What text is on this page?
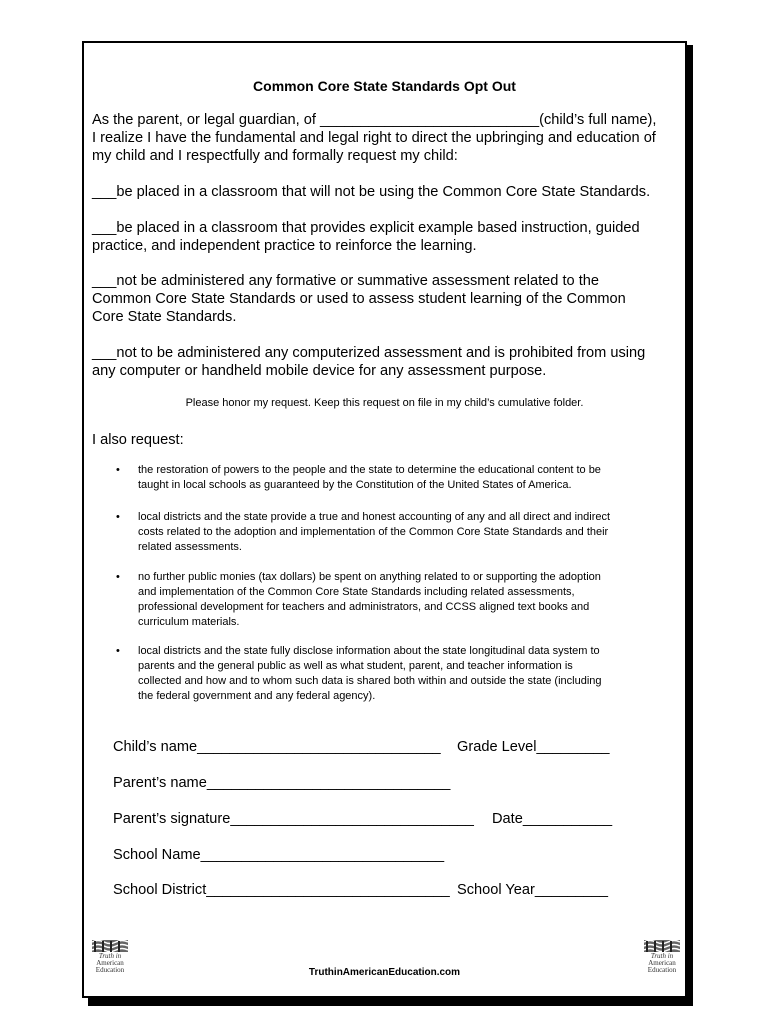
Common Core State Standards Opt Out
As the parent, or legal guardian, of ___________________________(child’s full name),
I realize I have the fundamental and legal right to direct the upbringing and education of
my child and I respectfully and formally request my child:
___be placed in a classroom that will not be using the Common Core State Standards.
___be placed in a classroom that provides explicit example based instruction, guided
practice, and independent practice to reinforce the learning.
___not be administered any formative or summative assessment related to the
Common Core State Standards or used to assess student learning of the Common
Core State Standards.
___not to be administered any computerized assessment and is prohibited from using
any computer or handheld mobile device for any assessment purpose.
Please honor my request. Keep this request on file in my child’s cumulative folder.
I also request:
• the restoration of powers to the people and the state to determine the educational content to be
taught in local schools as guaranteed by the Constitution of the United States of America.
• local districts and the state provide a true and honest accounting of any and all direct and indirect
costs related to the adoption and implementation of the Common Core State Standards and their
related assessments.
• no further public monies (tax dollars) be spent on anything related to or supporting the adoption
and implementation of the Common Core State Standards including related assessments,
professional development for teachers and administrators, and CCSS aligned text books and
curriculum materials.
• local districts and the state fully disclose information about the state longitudinal data system to
parents and the general public as well as what student, parent, and teacher information is
collected and how and to whom such data is shared both within and outside the state (including
the federal government and any federal agency).
Child’s name______________________________ Grade Level_________
Parent’s name______________________________
Parent’s signature______________________________ Date___________
School Name______________________________
School District______________________________ School Year_________
Truth in
American
Education
Truth in
American
Education
TruthinAmericanEducation.com
